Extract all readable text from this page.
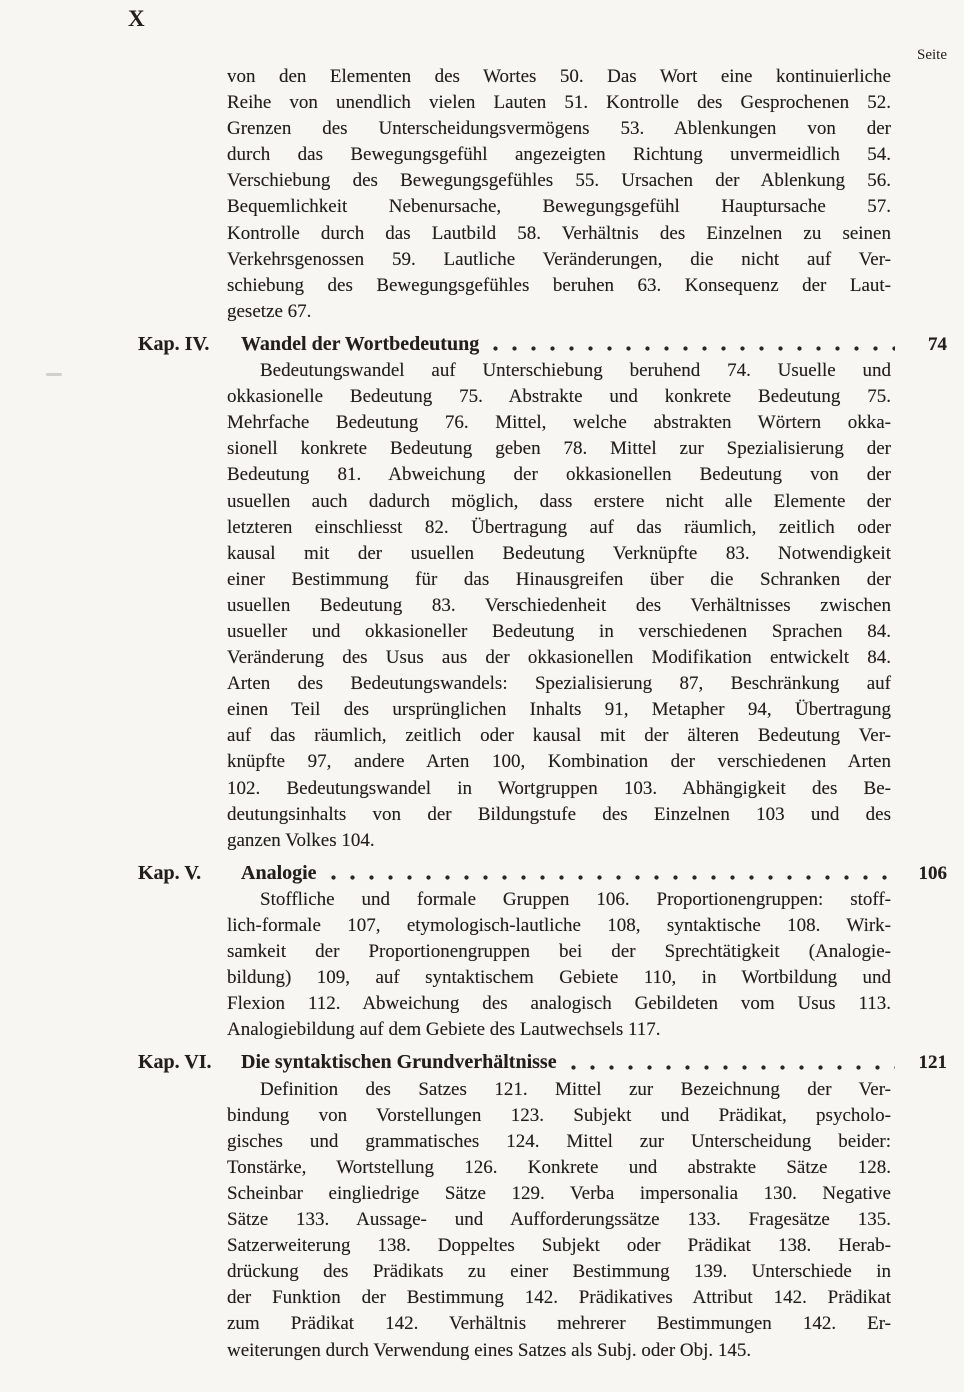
X
Seite
von den Elementen des Wortes 50. Das Wort eine kontinuierliche
Reihe von unendlich vielen Lauten 51. Kontrolle des Gesprochenen 52.
Grenzen des Unterscheidungsvermögens 53. Ablenkungen von der
durch das Bewegungsgefühl angezeigten Richtung unvermeidlich 54.
Verschiebung des Bewegungsgefühles 55. Ursachen der Ablenkung 56.
Bequemlichkeit Nebenursache, Bewegungsgefühl Hauptursache 57.
Kontrolle durch das Lautbild 58. Verhältnis des Einzelnen zu seinen
Verkehrsgenossen 59. Lautliche Veränderungen, die nicht auf Ver-
schiebung des Bewegungsgefühles beruhen 63. Konsequenz der Laut-
gesetze 67.
Kap. IV.	Wandel der Wortbedeutung	74
Bedeutungswandel auf Unterschiebung beruhend 74. Usuelle und
okkasionelle Bedeutung 75. Abstrakte und konkrete Bedeutung 75.
Mehrfache Bedeutung 76. Mittel, welche abstrakten Wörtern okka-
sionell konkrete Bedeutung geben 78. Mittel zur Spezialisierung der
Bedeutung 81. Abweichung der okkasionellen Bedeutung von der
usuellen auch dadurch möglich, dass erstere nicht alle Elemente der
letzteren einschliesst 82. Übertragung auf das räumlich, zeitlich oder
kausal mit der usuellen Bedeutung Verknüpfte 83. Notwendigkeit
einer Bestimmung für das Hinausgreifen über die Schranken der
usuellen Bedeutung 83. Verschiedenheit des Verhältnisses zwischen
usueller und okkasioneller Bedeutung in verschiedenen Sprachen 84.
Veränderung des Usus aus der okkasionellen Modifikation entwickelt 84.
Arten des Bedeutungswandels: Spezialisierung 87, Beschränkung auf
einen Teil des ursprünglichen Inhalts 91, Metapher 94, Übertragung
auf das räumlich, zeitlich oder kausal mit der älteren Bedeutung Ver-
knüpfte 97, andere Arten 100, Kombination der verschiedenen Arten
102. Bedeutungswandel in Wortgruppen 103. Abhängigkeit des Be-
deutungsinhalts von der Bildungstufe des Einzelnen 103 und des
ganzen Volkes 104.
Kap. V.	Analogie	106
Stoffliche und formale Gruppen 106. Proportionengruppen: stoff-
lich-formale 107, etymologisch-lautliche 108, syntaktische 108. Wirk-
samkeit der Proportionengruppen bei der Sprechtätigkeit (Analogie-
bildung) 109, auf syntaktischem Gebiete 110, in Wortbildung und
Flexion 112. Abweichung des analogisch Gebildeten vom Usus 113.
Analogiebildung auf dem Gebiete des Lautwechsels 117.
Kap. VI.	Die syntaktischen Grundverhältnisse	121
Definition des Satzes 121. Mittel zur Bezeichnung der Ver-
bindung von Vorstellungen 123. Subjekt und Prädikat, psycholo-
gisches und grammatisches 124. Mittel zur Unterscheidung beider:
Tonstärke, Wortstellung 126. Konkrete und abstrakte Sätze 128.
Scheinbar eingliedrige Sätze 129. Verba impersonalia 130. Negative
Sätze 133. Aussage- und Aufforderungssätze 133. Fragesätze 135.
Satzerweiterung 138. Doppeltes Subjekt oder Prädikat 138. Herab-
drückung des Prädikats zu einer Bestimmung 139. Unterschiede in
der Funktion der Bestimmung 142. Prädikatives Attribut 142. Prädikat
zum Prädikat 142. Verhältnis mehrerer Bestimmungen 142. Er-
weiterungen durch Verwendung eines Satzes als Subj. oder Obj. 145.
